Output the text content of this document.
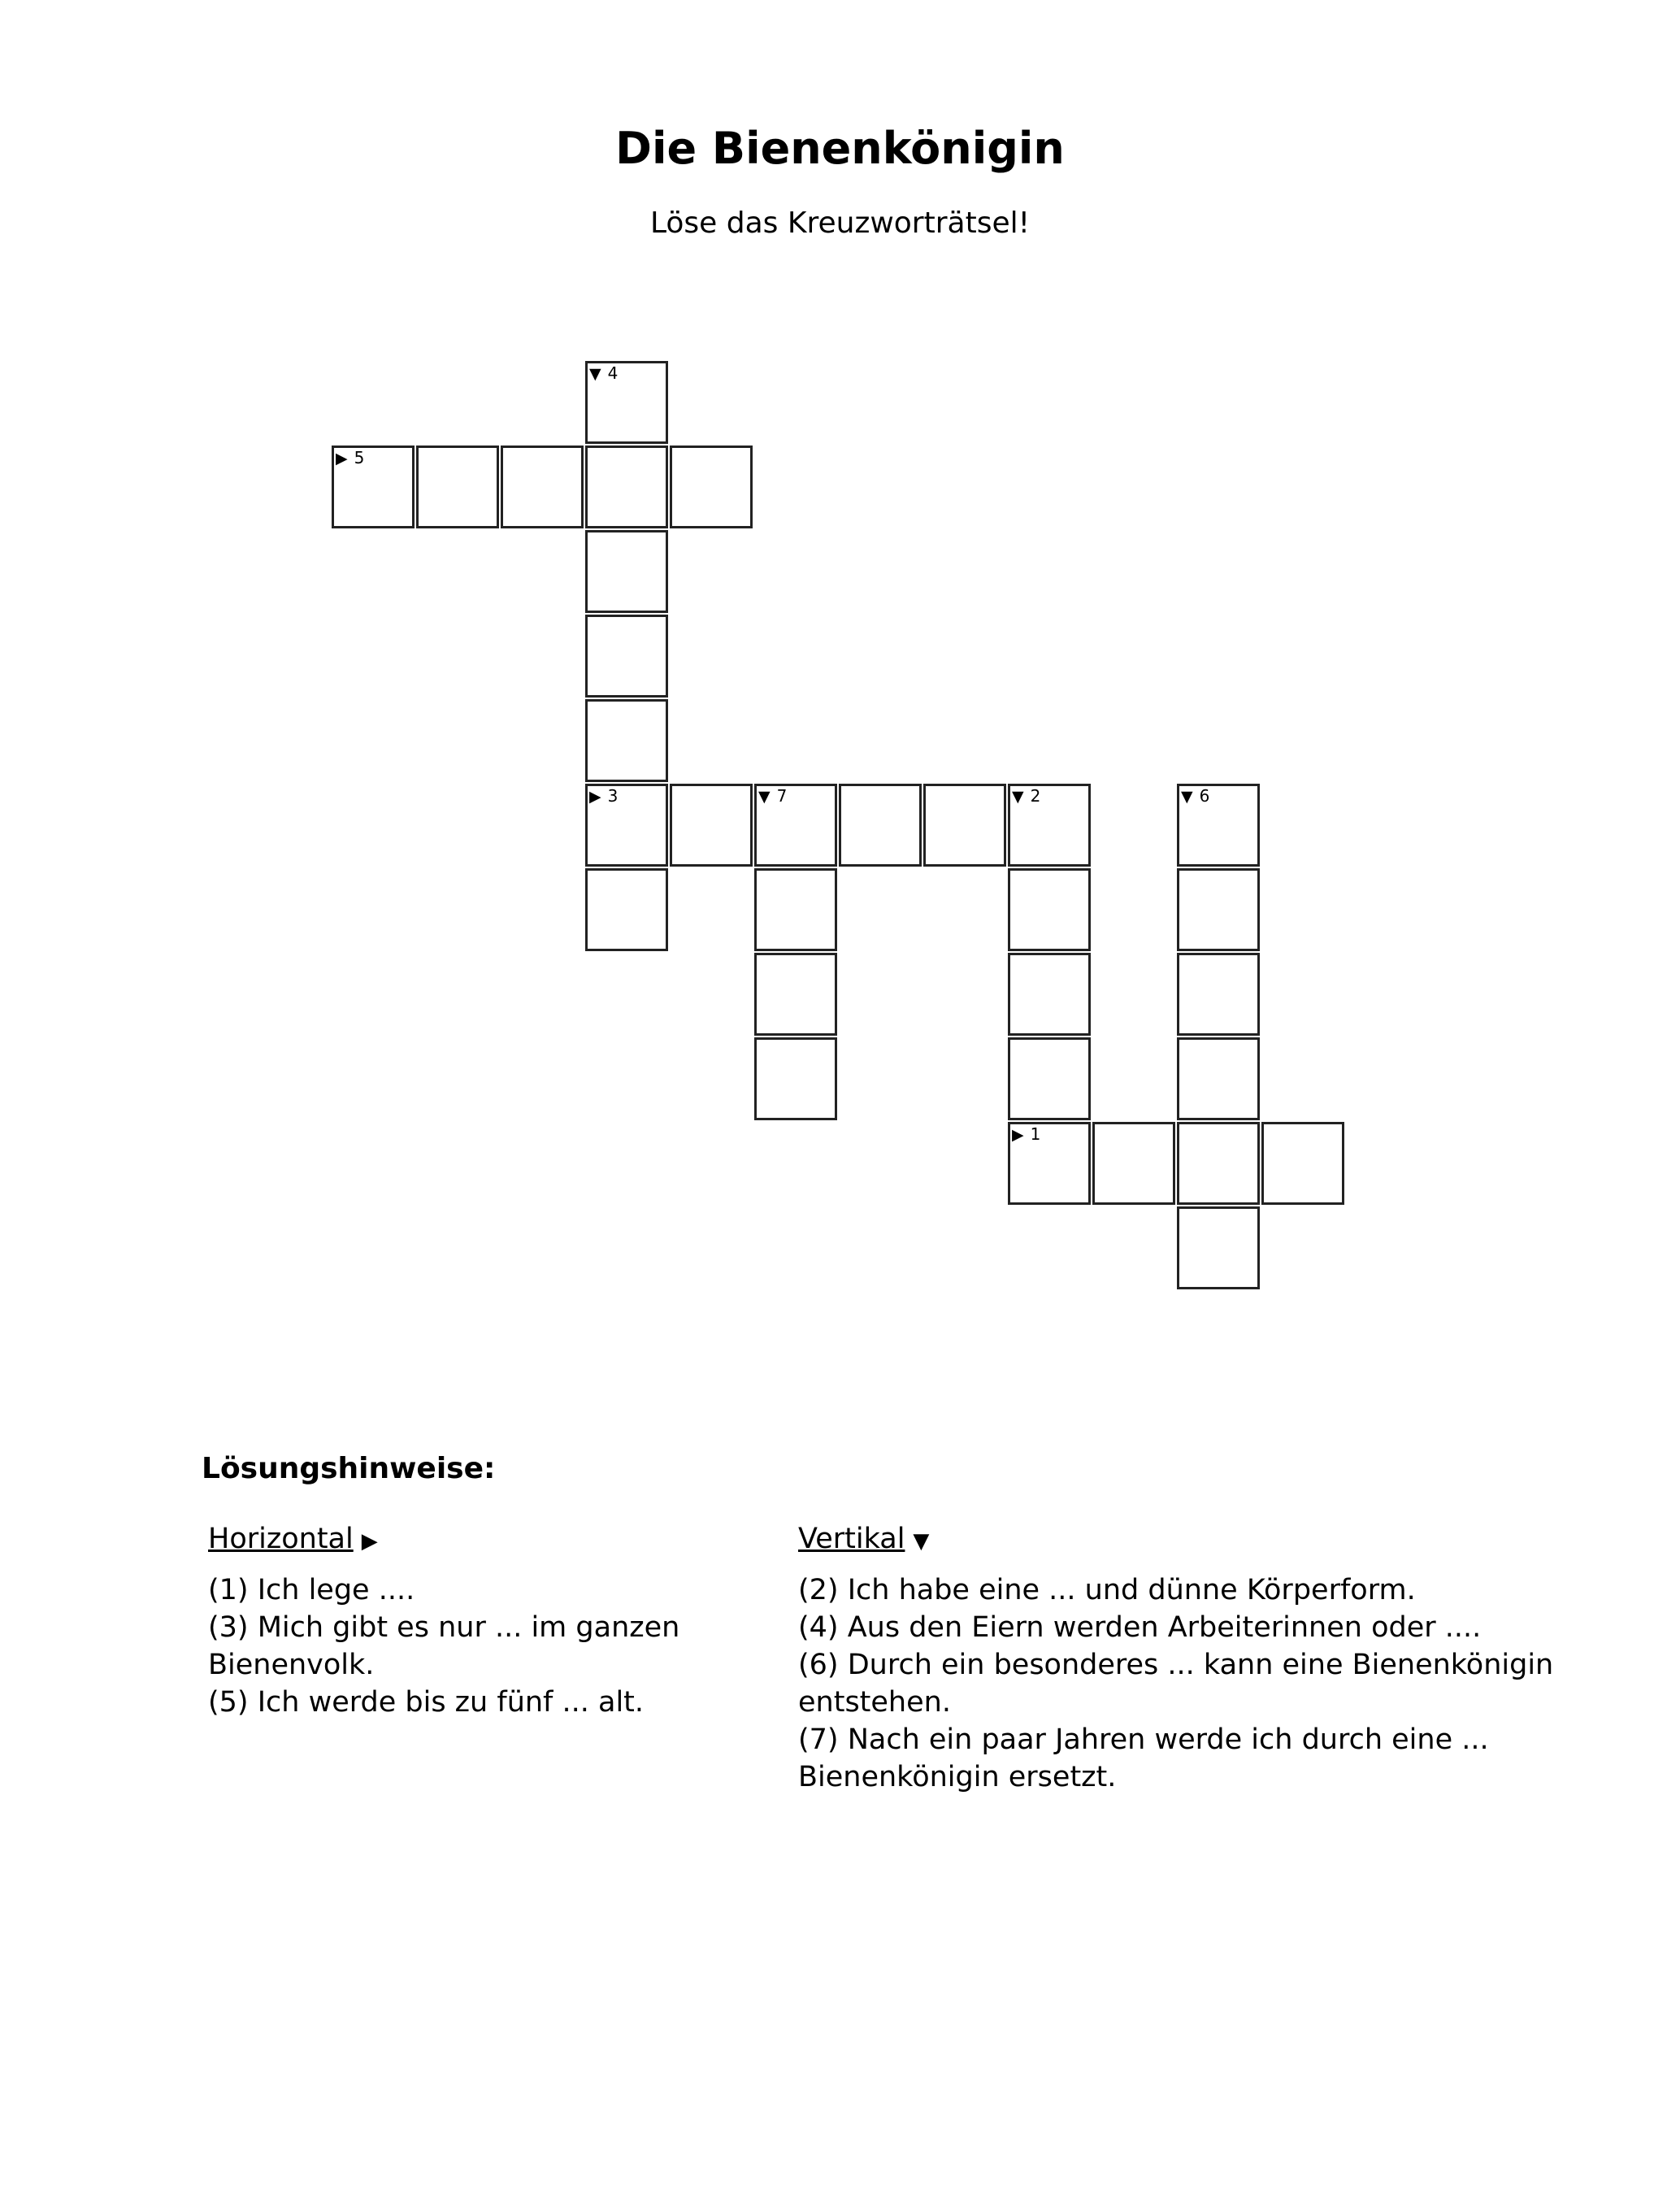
Die Bienenkönigin
Löse das Kreuzworträtsel!
▼ 4
▶ 5
▶ 3	▼ 7	▼ 2	▼ 6
▶ 1
Lösungshinweise:
Horizontal ▶

(1) Ich lege ....

(3) Mich gibt es nur ... im ganzen Bienenvolk.

(5) Ich werde bis zu fünf ... alt.

Vertikal ▼

(2) Ich habe eine ... und dünne Körperform.

(4) Aus den Eiern werden Arbeiterinnen oder ....

(6) Durch ein besonderes ... kann eine Bienenkönigin entstehen.

(7) Nach ein paar Jahren werde ich durch eine ... Bienenkönigin ersetzt.
